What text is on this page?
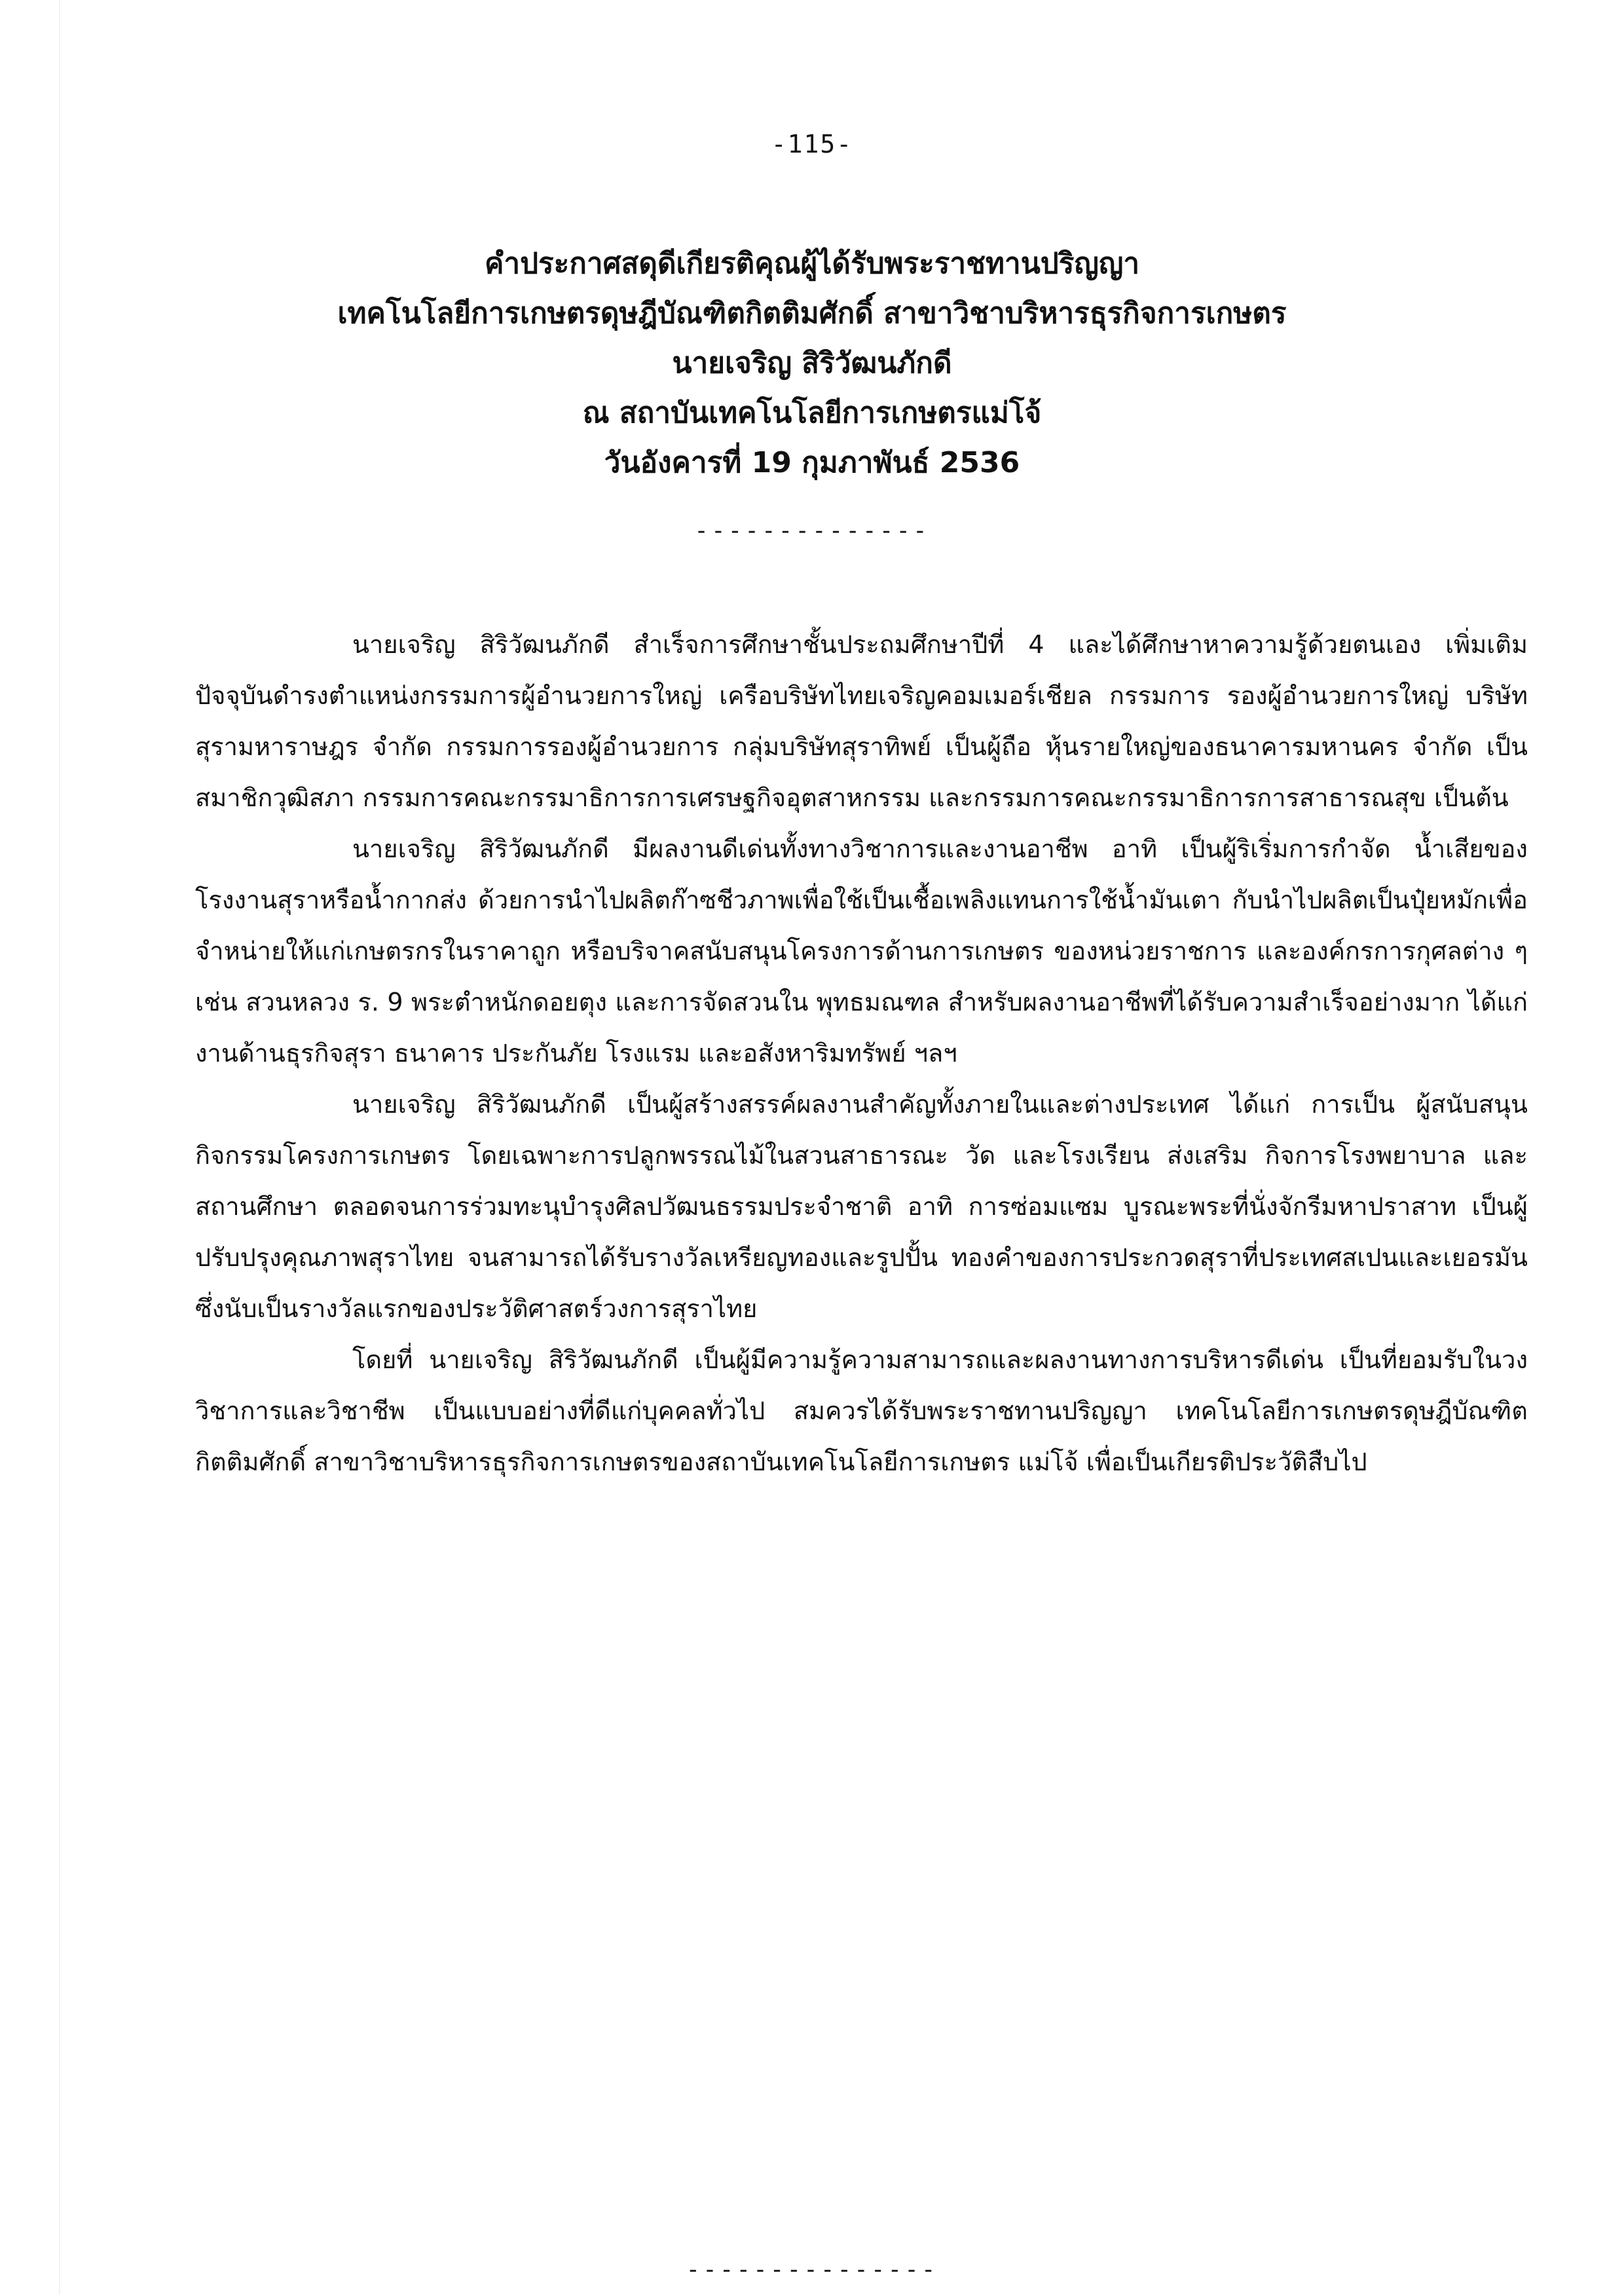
-115-
คำประกาศสดุดีเกียรติคุณผู้ได้รับพระราชทานปริญญา
เทคโนโลยีการเกษตรดุษฎีบัณฑิตกิตติมศักดิ์ สาขาวิชาบริหารธุรกิจการเกษตร
นายเจริญ สิริวัฒนภักดี
ณ สถาบันเทคโนโลยีการเกษตรแม่โจ้
วันอังคารที่ 19 กุมภาพันธ์ 2536
--------------

นายเจริญ สิริวัฒนภักดี สำเร็จการศึกษาชั้นประถมศึกษาปีที่ 4 และได้ศึกษาหาความรู้ด้วยตนเอง เพิ่มเติม ปัจจุบันดำรงตำแหน่งกรรมการผู้อำนวยการใหญ่ เครือบริษัทไทยเจริญคอมเมอร์เชียล กรรมการ รองผู้อำนวยการใหญ่ บริษัท สุรามหาราษฎร จำกัด กรรมการรองผู้อำนวยการ กลุ่มบริษัทสุราทิพย์ เป็นผู้ถือ หุ้นรายใหญ่ของธนาคารมหานคร จำกัด เป็นสมาชิกวุฒิสภา กรรมการคณะกรรมาธิการการเศรษฐกิจอุตสาหกรรม และกรรมการคณะกรรมาธิการการสาธารณสุข เป็นต้น

นายเจริญ สิริวัฒนภักดี มีผลงานดีเด่นทั้งทางวิชาการและงานอาชีพ อาทิ เป็นผู้ริเริ่มการกำจัด น้ำเสียของโรงงานสุราหรือน้ำกากส่ง ด้วยการนำไปผลิตก๊าซชีวภาพเพื่อใช้เป็นเชื้อเพลิงแทนการใช้น้ำมันเตา กับนำไปผลิตเป็นปุ๋ยหมักเพื่อจำหน่ายให้แก่เกษตรกรในราคาถูก หรือบริจาคสนับสนุนโครงการด้านการเกษตร ของหน่วยราชการ และองค์กรการกุศลต่าง ๆ เช่น สวนหลวง ร. 9 พระตำหนักดอยตุง และการจัดสวนใน พุทธมณฑล สำหรับผลงานอาชีพที่ได้รับความสำเร็จอย่างมาก ได้แก่ งานด้านธุรกิจสุรา ธนาคาร ประกันภัย โรงแรม และอสังหาริมทรัพย์ ฯลฯ

นายเจริญ สิริวัฒนภักดี เป็นผู้สร้างสรรค์ผลงานสำคัญทั้งภายในและต่างประเทศ ได้แก่ การเป็น ผู้สนับสนุนกิจกรรมโครงการเกษตร โดยเฉพาะการปลูกพรรณไม้ในสวนสาธารณะ วัด และโรงเรียน ส่งเสริม กิจการโรงพยาบาล และสถานศึกษา ตลอดจนการร่วมทะนุบำรุงศิลปวัฒนธรรมประจำชาติ อาทิ การซ่อมแซม บูรณะพระที่นั่งจักรีมหาปราสาท เป็นผู้ปรับปรุงคุณภาพสุราไทย จนสามารถได้รับรางวัลเหรียญทองและรูปปั้น ทองคำของการประกวดสุราที่ประเทศสเปนและเยอรมัน ซึ่งนับเป็นรางวัลแรกของประวัติศาสตร์วงการสุราไทย

โดยที่ นายเจริญ สิริวัฒนภักดี เป็นผู้มีความรู้ความสามารถและผลงานทางการบริหารดีเด่น เป็นที่ยอมรับในวงวิชาการและวิชาชีพ เป็นแบบอย่างที่ดีแก่บุคคลทั่วไป สมควรได้รับพระราชทานปริญญา เทคโนโลยีการเกษตรดุษฎีบัณฑิตกิตติมศักดิ์ สาขาวิชาบริหารธุรกิจการเกษตรของสถาบันเทคโนโลยีการเกษตร แม่โจ้ เพื่อเป็นเกียรติประวัติสืบไป

---------------
